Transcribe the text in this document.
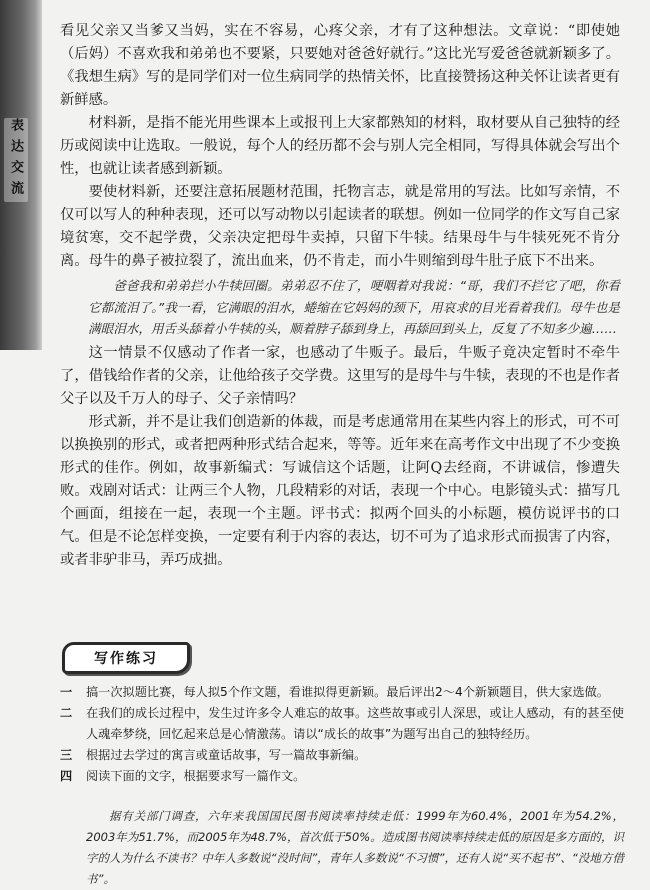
表达交流

看见父亲又当爹又当妈，实在不容易，心疼父亲，才有了这种想法。文章说：“即使她（后妈）不喜欢我和弟弟也不要紧，只要她对爸爸好就行。”这比光写爱爸爸就新颖多了。《我想生病》写的是同学们对一位生病同学的热情关怀，比直接赞扬这种关怀让读者更有新鲜感。

材料新，是指不能光用些课本上或报刊上大家都熟知的材料，取材要从自己独特的经历或阅读中让选取。一般说，每个人的经历都不会与别人完全相同，写得具体就会写出个性，也就让读者感到新颖。

要使材料新，还要注意拓展题材范围，托物言志，就是常用的写法。比如写亲情，不仅可以写人的种种表现，还可以写动物以引起读者的联想。例如一位同学的作文写自己家境贫寒，交不起学费，父亲决定把母牛卖掉，只留下牛犊。结果母牛与牛犊死死不肯分离。母牛的鼻子被拉裂了，流出血来，仍不肯走，而小牛则缩到母牛肚子底下不出来。

爸爸我和弟弟拦小牛犊回圈。弟弟忍不住了，哽咽着对我说：“哥，我们不拦它了吧，你看它都流泪了。”我一看，它满眼的泪水，蜷缩在它妈妈的颈下，用哀求的目光看着我们。母牛也是满眼泪水，用舌头舔着小牛犊的头，顺着脖子舔到身上，再舔回到头上，反复了不知多少遍……

这一情景不仅感动了作者一家，也感动了牛贩子。最后，牛贩子竟决定暂时不牵牛了，借钱给作者的父亲，让他给孩子交学费。这里写的是母牛与牛犊，表现的不也是作者父子以及千万人的母子、父子亲情吗？

形式新，并不是让我们创造新的体裁，而是考虑通常用在某些内容上的形式，可不可以换换别的形式，或者把两种形式结合起来，等等。近年来在高考作文中出现了不少变换形式的佳作。例如，故事新编式：写诚信这个话题，让阿Q去经商，不讲诚信，惨遭失败。戏剧对话式：让两三个人物，几段精彩的对话，表现一个中心。电影镜头式：描写几个画面，组接在一起，表现一个主题。评书式：拟两个回头的小标题，模仿说评书的口气。但是不论怎样变换，一定要有利于内容的表达，切不可为了追求形式而损害了内容，或者非驴非马，弄巧成拙。

写作练习
一	搞一次拟题比赛，每人拟5个作文题，看谁拟得更新颖。最后评出2～4个新颖题目，供大家选做。
二	在我们的成长过程中，发生过许多令人难忘的故事。这些故事或引人深思，或让人感动，有的甚至使人魂牵梦绕，回忆起来总是心情激荡。请以“成长的故事”为题写出自己的独特经历。
三	根据过去学过的寓言或童话故事，写一篇故事新编。
四	阅读下面的文字，根据要求写一篇作文。

据有关部门调查，六年来我国国民图书阅读率持续走低：1999年为60.4%，2001年为54.2%，2003年为51.7%，而2005年为48.7%，首次低于50%。造成图书阅读率持续走低的原因是多方面的，识字的人为什么不读书？中年人多数说“没时间”，青年人多数说“不习惯”，还有人说“买不起书”、“没地方借书”。
